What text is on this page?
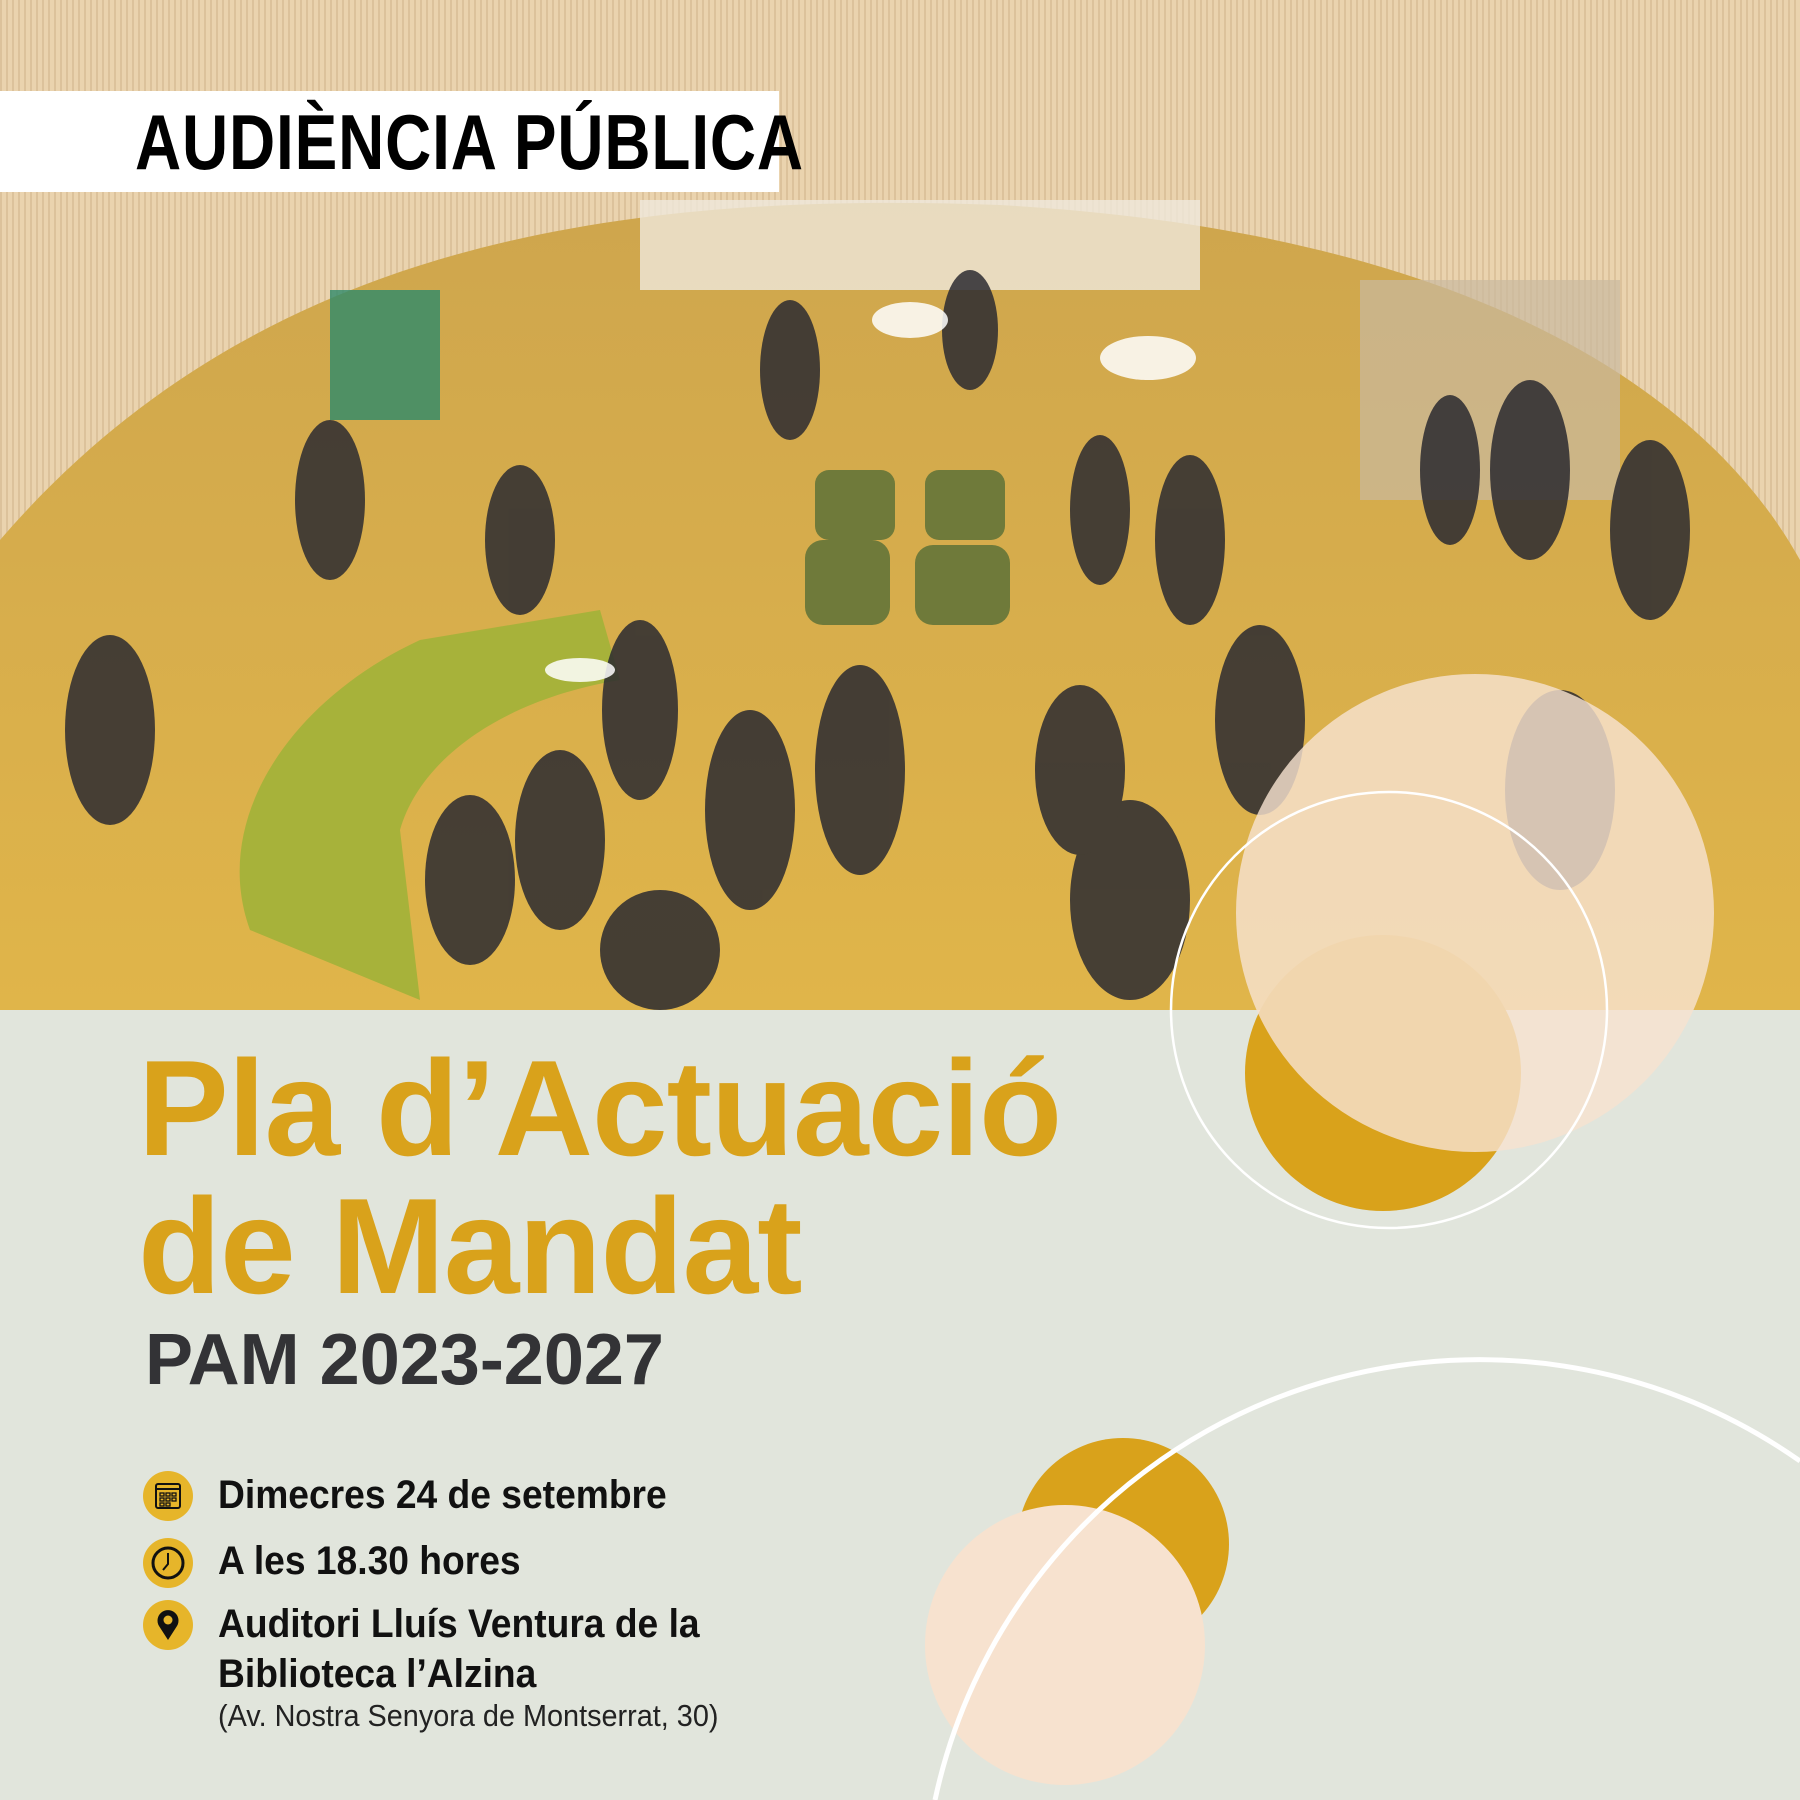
AUDIÈNCIA PÚBLICA
Pla d’Actuació
de Mandat
PAM 2023-2027
Dimecres 24 de setembre
A les 18.30 hores
Auditori Lluís Ventura de la
Biblioteca l’Alzina
(Av. Nostra Senyora de Montserrat, 30)
